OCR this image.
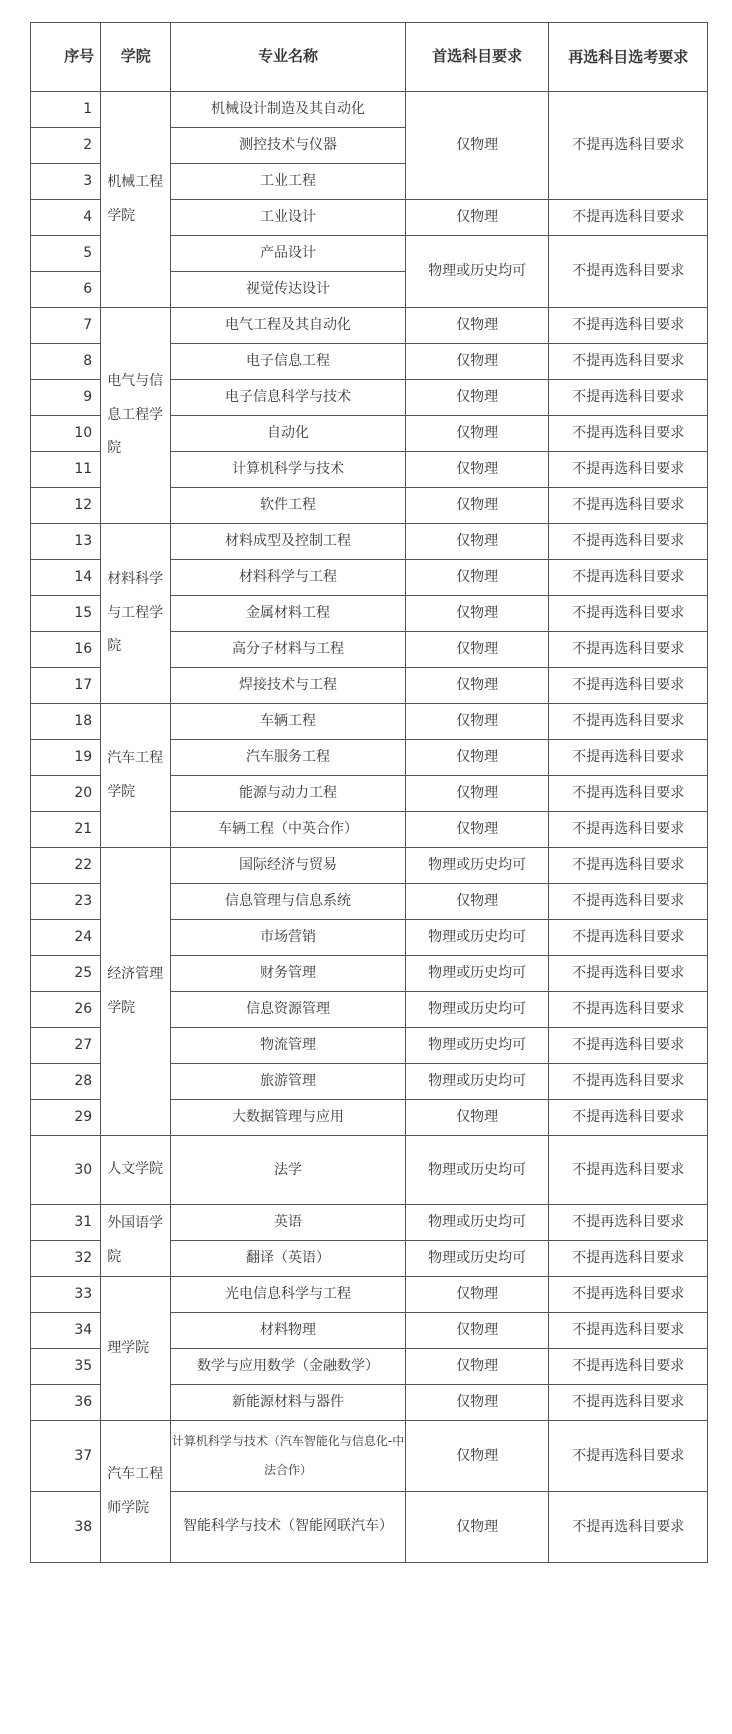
序号	学院	专业名称	首选科目要求	再选科目选考要求
1	机械工程学院	机械设计制造及其自动化	仅物理	不提再选科目要求
2		测控技术与仪器		
3		工业工程		
4		工业设计	仅物理	不提再选科目要求
5		产品设计	物理或历史均可	不提再选科目要求
6		视觉传达设计		
7	电气与信息工程学院	电气工程及其自动化	仅物理	不提再选科目要求
8		电子信息工程	仅物理	不提再选科目要求
9		电子信息科学与技术	仅物理	不提再选科目要求
10		自动化	仅物理	不提再选科目要求
11		计算机科学与技术	仅物理	不提再选科目要求
12		软件工程	仅物理	不提再选科目要求
13	材料科学与工程学院	材料成型及控制工程	仅物理	不提再选科目要求
14		材料科学与工程	仅物理	不提再选科目要求
15		金属材料工程	仅物理	不提再选科目要求
16		高分子材料与工程	仅物理	不提再选科目要求
17		焊接技术与工程	仅物理	不提再选科目要求
18	汽车工程学院	车辆工程	仅物理	不提再选科目要求
19		汽车服务工程	仅物理	不提再选科目要求
20		能源与动力工程	仅物理	不提再选科目要求
21		车辆工程（中英合作）	仅物理	不提再选科目要求
22	经济管理学院	国际经济与贸易	物理或历史均可	不提再选科目要求
23		信息管理与信息系统	仅物理	不提再选科目要求
24		市场营销	物理或历史均可	不提再选科目要求
25		财务管理	物理或历史均可	不提再选科目要求
26		信息资源管理	物理或历史均可	不提再选科目要求
27		物流管理	物理或历史均可	不提再选科目要求
28		旅游管理	物理或历史均可	不提再选科目要求
29		大数据管理与应用	仅物理	不提再选科目要求
30	人文学院	法学	物理或历史均可	不提再选科目要求
31	外国语学院	英语	物理或历史均可	不提再选科目要求
32		翻译（英语）	物理或历史均可	不提再选科目要求
33	理学院	光电信息科学与工程	仅物理	不提再选科目要求
34		材料物理	仅物理	不提再选科目要求
35		数学与应用数学（金融数学）	仅物理	不提再选科目要求
36		新能源材料与器件	仅物理	不提再选科目要求
37	汽车工程师学院	计算机科学与技术（汽车智能化与信息化-中法合作）	仅物理	不提再选科目要求
38		智能科学与技术（智能网联汽车）	仅物理	不提再选科目要求
